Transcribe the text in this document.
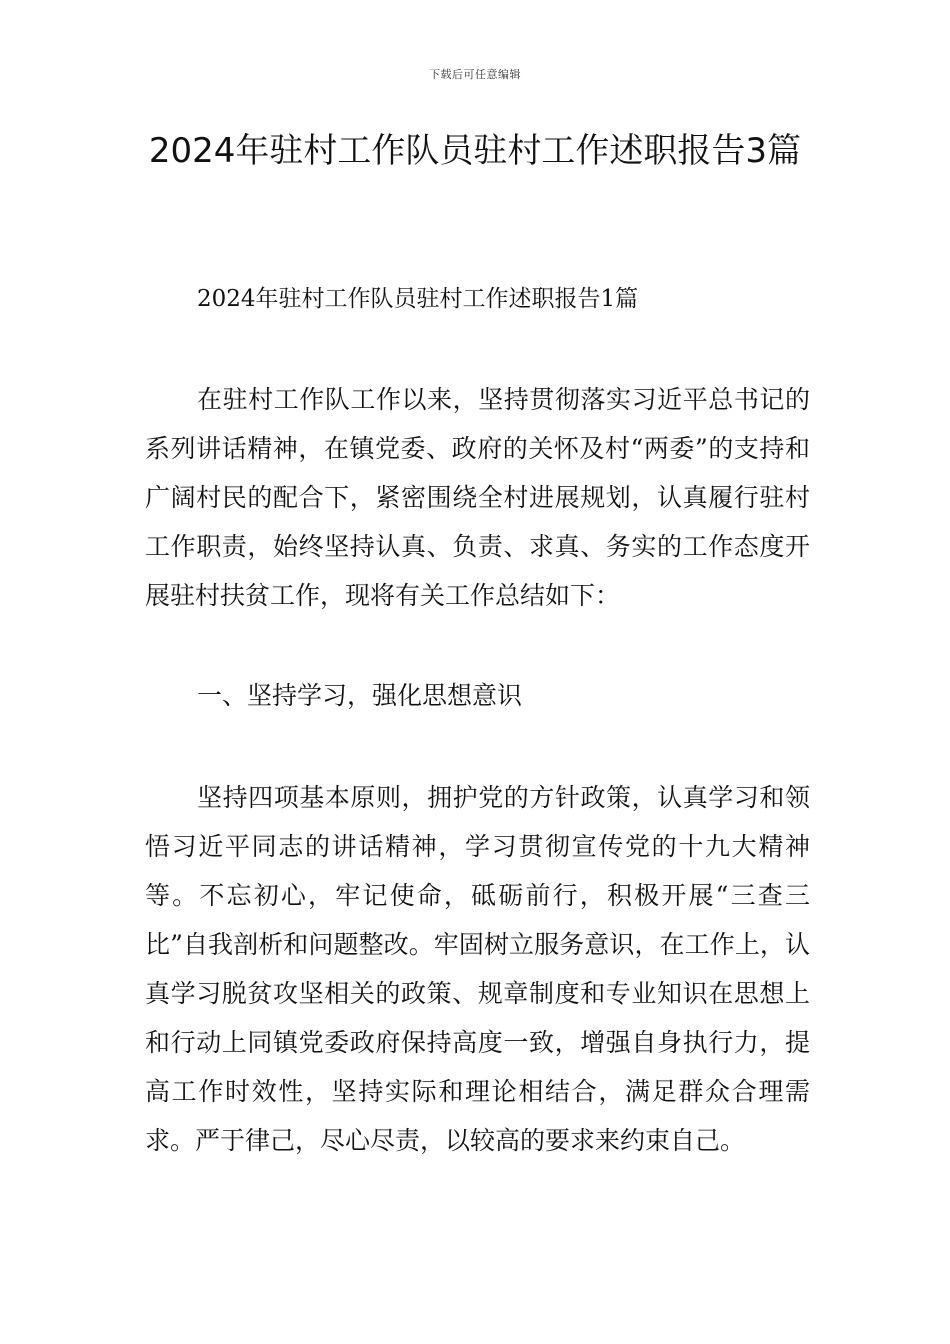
下载后可任意编辑
2024年驻村工作队员驻村工作述职报告3篇
2024年驻村工作队员驻村工作述职报告1篇

在驻村工作队工作以来，坚持贯彻落实习近平总书记的系列讲话精神，在镇党委、政府的关怀及村“两委”的支持和广阔村民的配合下，紧密围绕全村进展规划，认真履行驻村工作职责，始终坚持认真、负责、求真、务实的工作态度开展驻村扶贫工作，现将有关工作总结如下：

一、坚持学习，强化思想意识

坚持四项基本原则，拥护党的方针政策，认真学习和领悟习近平同志的讲话精神，学习贯彻宣传党的十九大精神等。不忘初心，牢记使命，砥砺前行，积极开展“三查三比”自我剖析和问题整改。牢固树立服务意识，在工作上，认真学习脱贫攻坚相关的政策、规章制度和专业知识在思想上和行动上同镇党委政府保持高度一致，增强自身执行力，提高工作时效性，坚持实际和理论相结合，满足群众合理需求。严于律己，尽心尽责，以较高的要求来约束自己。
